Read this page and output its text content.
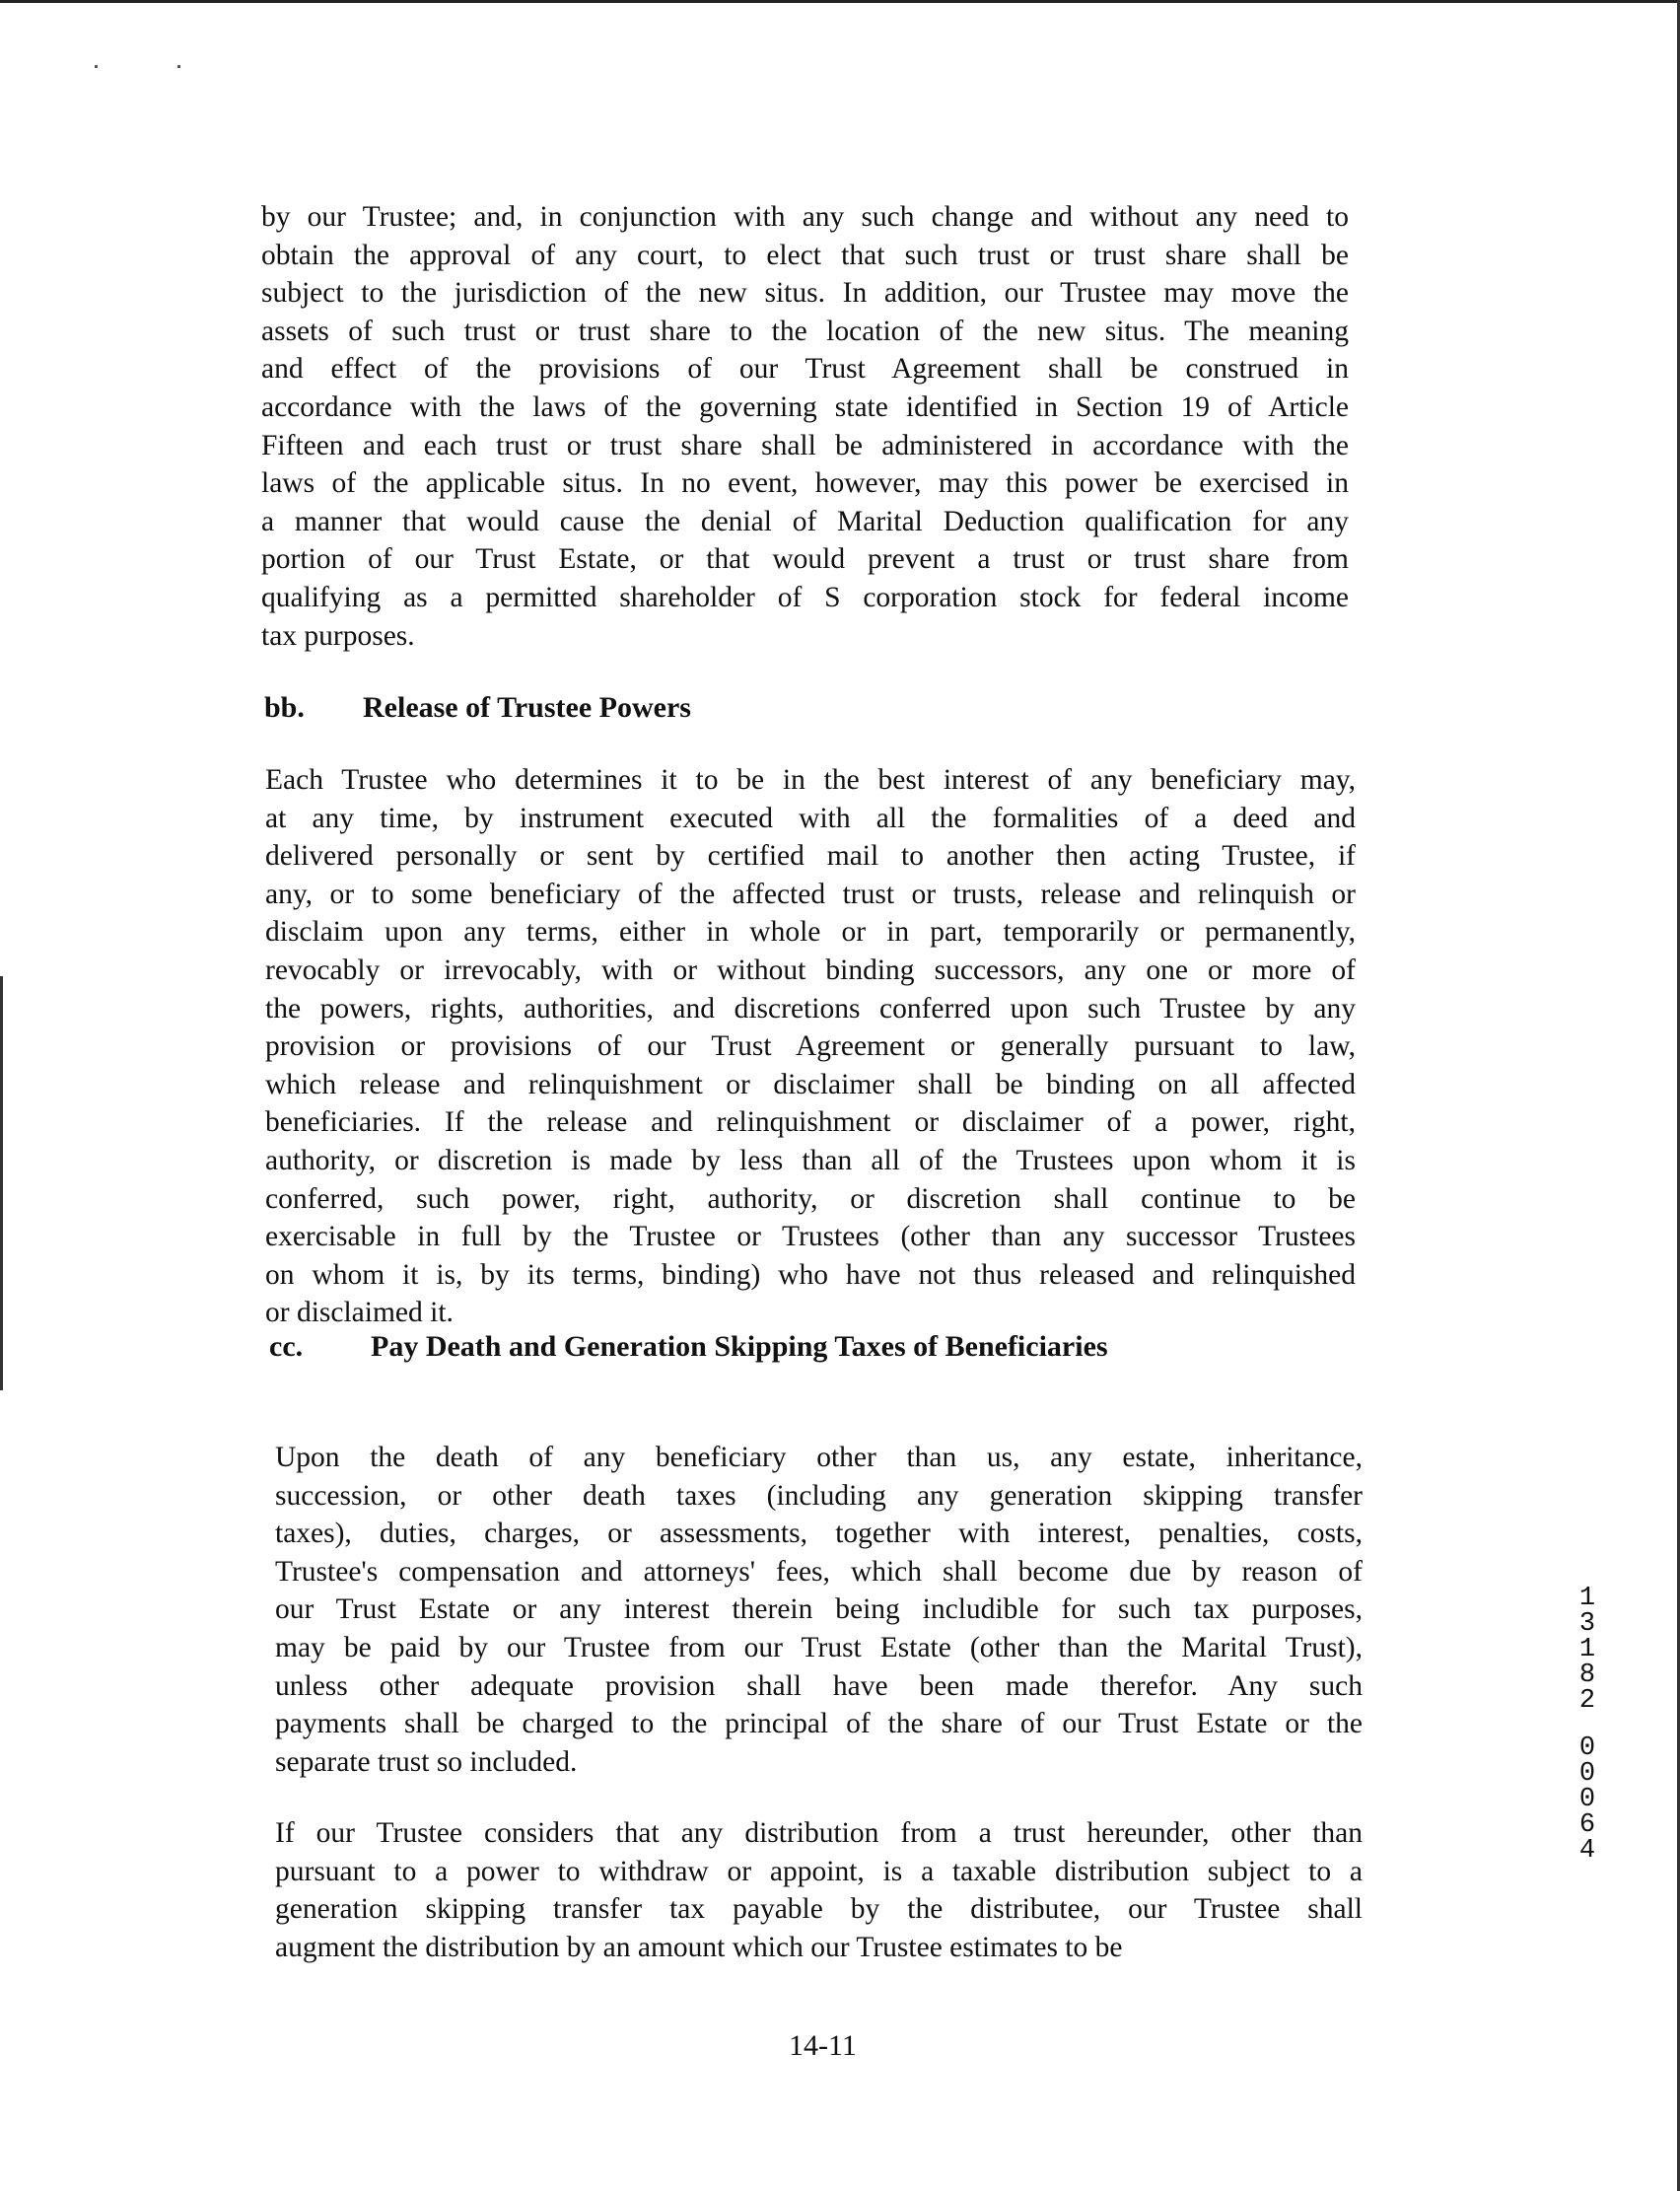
by our Trustee; and, in conjunction with any such change and without any need to
obtain the approval of any court, to elect that such trust or trust share shall be
subject to the jurisdiction of the new situs. In addition, our Trustee may move the
assets of such trust or trust share to the location of the new situs. The meaning
and effect of the provisions of our Trust Agreement shall be construed in
accordance with the laws of the governing state identified in Section 19 of Article
Fifteen and each trust or trust share shall be administered in accordance with the
laws of the applicable situs. In no event, however, may this power be exercised in
a manner that would cause the denial of Marital Deduction qualification for any
portion of our Trust Estate, or that would prevent a trust or trust share from
qualifying as a permitted shareholder of S corporation stock for federal income
tax purposes.
bb. Release of Trustee Powers
Each Trustee who determines it to be in the best interest of any beneficiary may,
at any time, by instrument executed with all the formalities of a deed and
delivered personally or sent by certified mail to another then acting Trustee, if
any, or to some beneficiary of the affected trust or trusts, release and relinquish or
disclaim upon any terms, either in whole or in part, temporarily or permanently,
revocably or irrevocably, with or without binding successors, any one or more of
the powers, rights, authorities, and discretions conferred upon such Trustee by any
provision or provisions of our Trust Agreement or generally pursuant to law,
which release and relinquishment or disclaimer shall be binding on all affected
beneficiaries. If the release and relinquishment or disclaimer of a power, right,
authority, or discretion is made by less than all of the Trustees upon whom it is
conferred, such power, right, authority, or discretion shall continue to be
exercisable in full by the Trustee or Trustees (other than any successor Trustees
on whom it is, by its terms, binding) who have not thus released and relinquished
or disclaimed it.
cc. Pay Death and Generation Skipping Taxes of Beneficiaries
Upon the death of any beneficiary other than us, any estate, inheritance,
succession, or other death taxes (including any generation skipping transfer
taxes), duties, charges, or assessments, together with interest, penalties, costs,
Trustee's compensation and attorneys' fees, which shall become due by reason of
our Trust Estate or any interest therein being includible for such tax purposes,
may be paid by our Trustee from our Trust Estate (other than the Marital Trust),
unless other adequate provision shall have been made therefor. Any such
payments shall be charged to the principal of the share of our Trust Estate or the
separate trust so included.
If our Trustee considers that any distribution from a trust hereunder, other than
pursuant to a power to withdraw or appoint, is a taxable distribution subject to a
generation skipping transfer tax payable by the distributee, our Trustee shall
augment the distribution by an amount which our Trustee estimates to be
14-11
1
3
1
8
2
0
0
0
6
4
